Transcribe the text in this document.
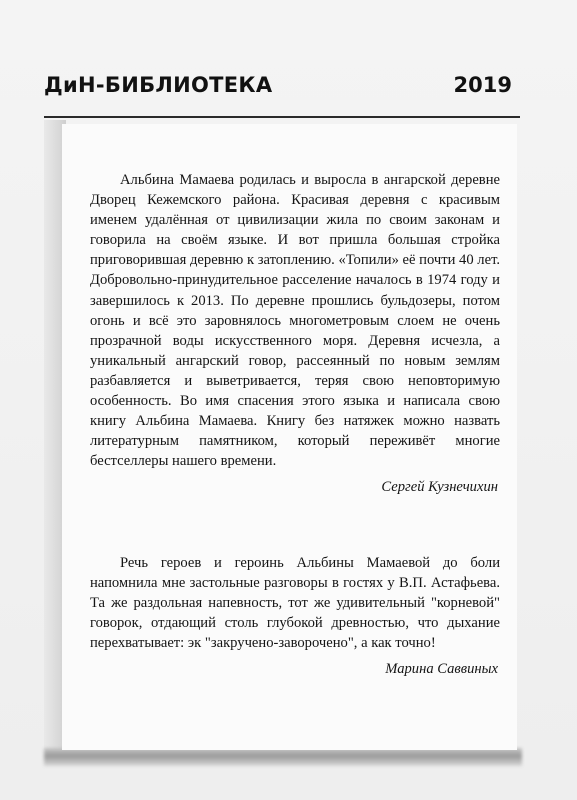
ДиН-БИБЛИОТЕКА	2019

Альбина Мамаева родилась и выросла в ангарской деревне Дворец Кежемского района. Красивая деревня с красивым именем удалённая от цивилизации жила по своим законам и говорила на своём языке. И вот пришла большая стройка приговорившая деревню к затоплению. «Топили» её почти 40 лет. Добровольно-принудительное расселение началось в 1974 году и завершилось к 2013. По деревне прошлись бульдозеры, потом огонь и всё это заровнялось многометровым слоем не очень прозрачной воды искусственного моря. Деревня исчезла, а уникальный ангарский говор, рассеянный по новым землям разбавляется и выветривается, теряя свою неповторимую особенность. Во имя спасения этого языка и написала свою книгу Альбина Мамаева. Книгу без натяжек можно назвать литературным памятником, который переживёт многие бестселлеры нашего времени.

Сергей Кузнечихин

Речь героев и героинь Альбины Мамаевой до боли напомнила мне застольные разговоры в гостях у В.П. Астафьева. Та же раздольная напевность, тот же удивительный "корневой" говорок, отдающий столь глубокой древностью, что дыхание перехватывает: эк "закручено-заворочено", а как точно!

Марина Саввиных
